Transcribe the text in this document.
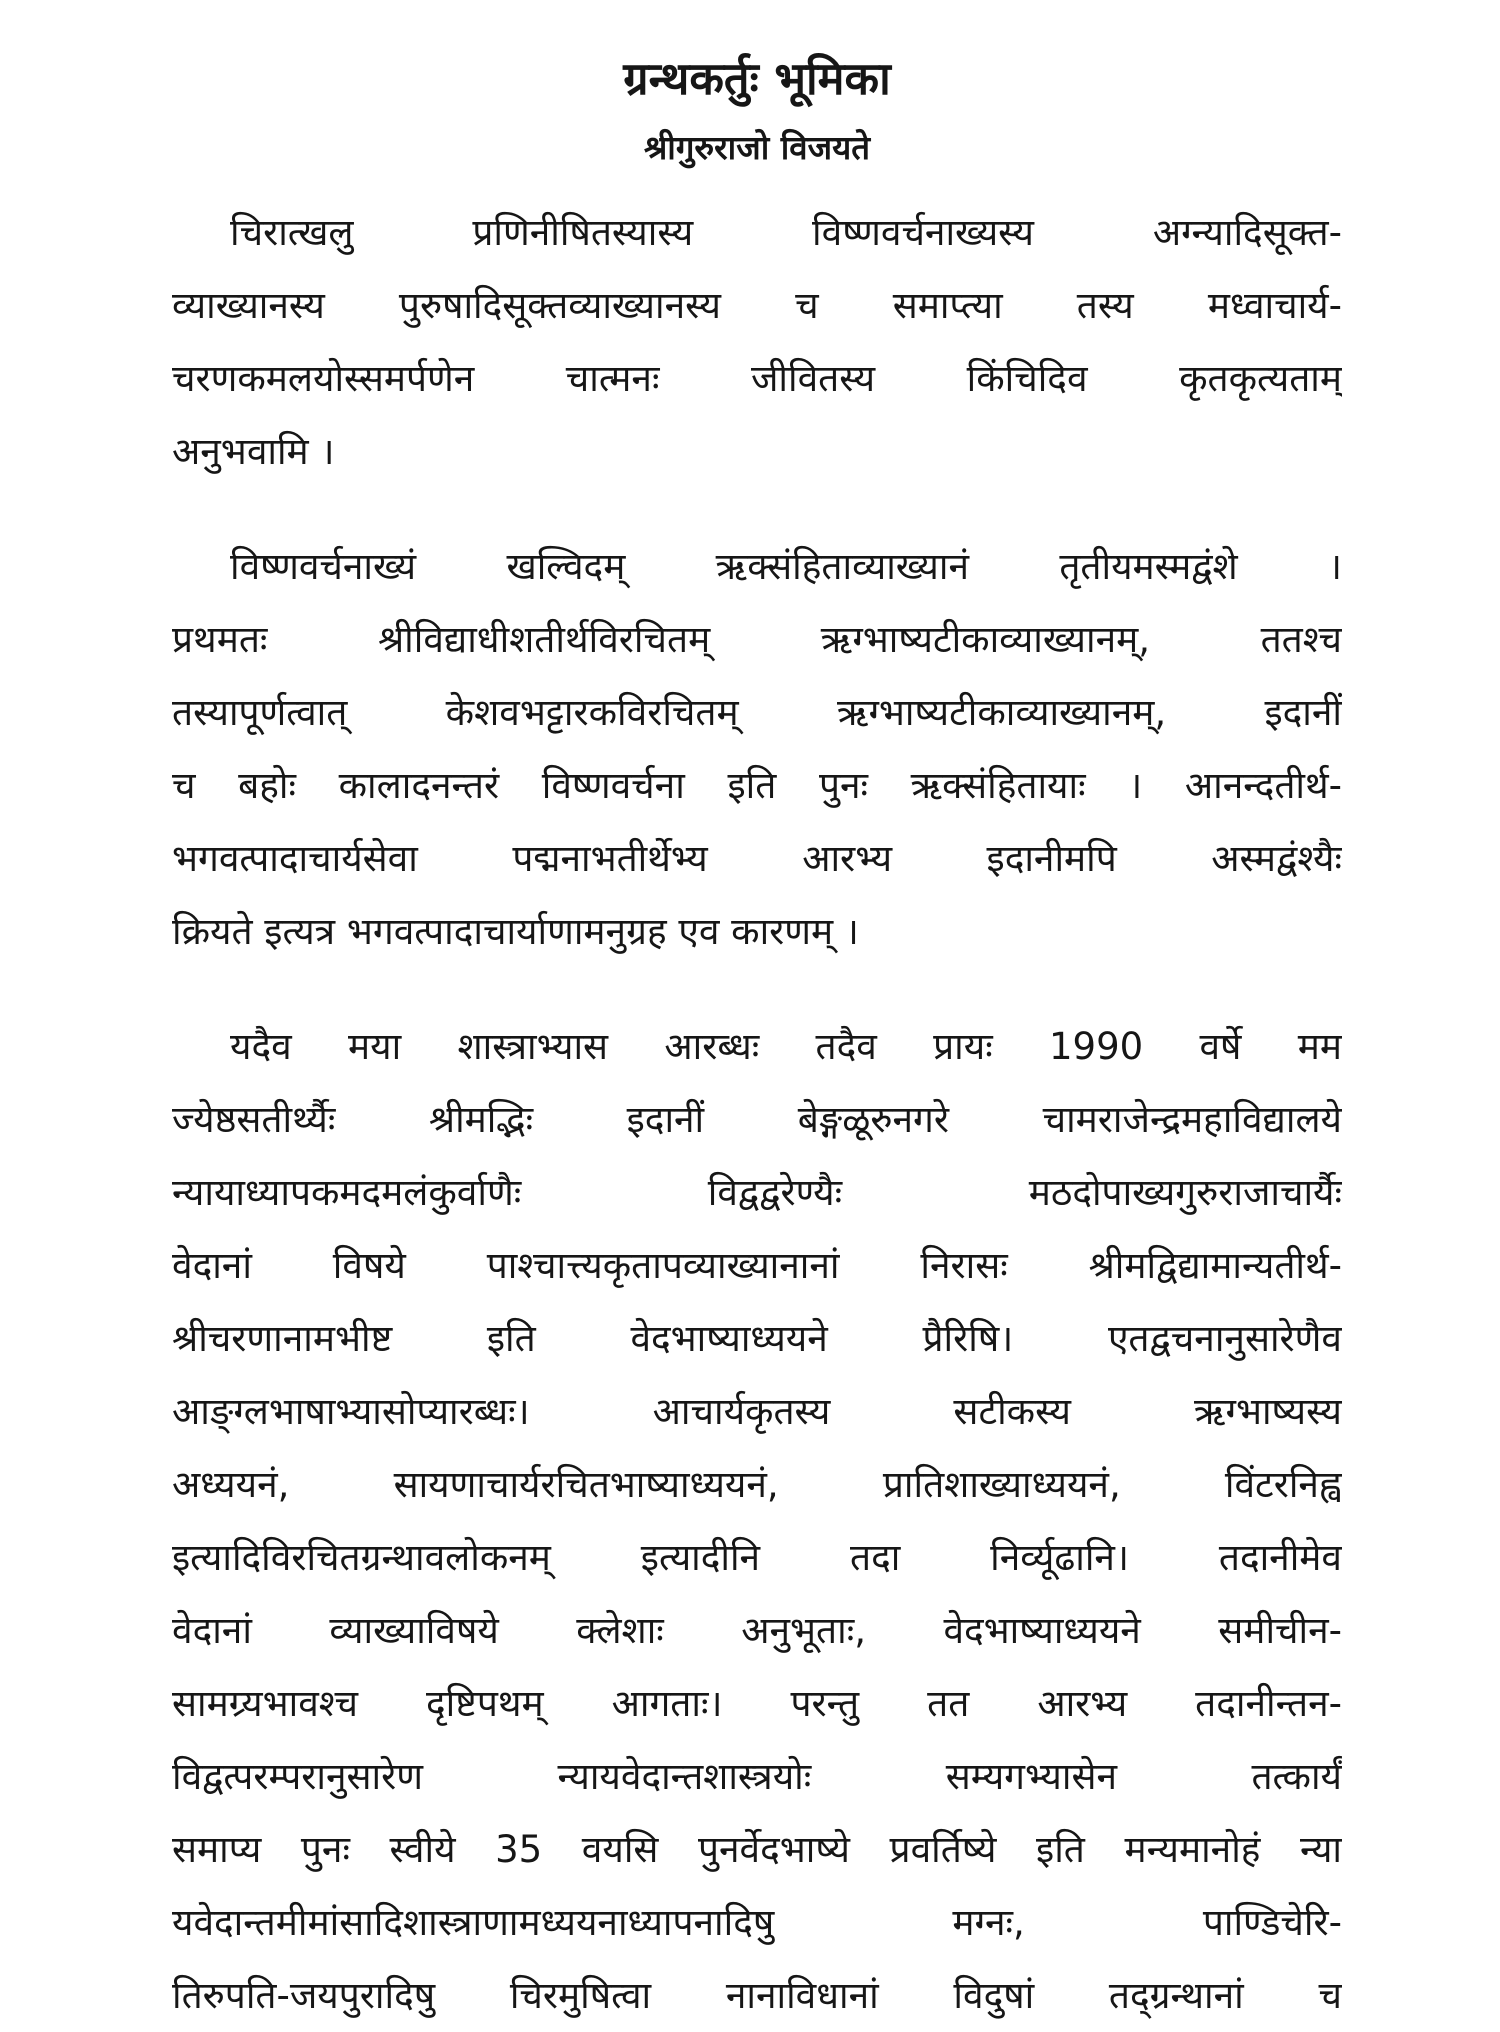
ग्रन्थकर्तुः भूमिका
श्रीगुरुराजो विजयते
चिरात्खलु प्रणिनीषितस्यास्य विष्णवर्चनाख्यस्य अग्न्यादिसूक्त-
व्याख्यानस्य पुरुषादिसूक्तव्याख्यानस्य च समाप्त्या तस्य मध्वाचार्य-
चरणकमलयोस्समर्पणेन चात्मनः जीवितस्य किंचिदिव कृतकृत्यताम्
अनुभवामि ।
विष्णवर्चनाख्यं खल्विदम् ऋक्संहिताव्याख्यानं तृतीयमस्मद्वंशे ।
प्रथमतः श्रीविद्याधीशतीर्थविरचितम् ऋग्भाष्यटीकाव्याख्यानम्, ततश्च
तस्यापूर्णत्वात् केशवभट्टारकविरचितम् ऋग्भाष्यटीकाव्याख्यानम्, इदानीं
च बहोः कालादनन्तरं विष्णवर्चना इति पुनः ऋक्संहितायाः । आनन्दतीर्थ-
भगवत्पादाचार्यसेवा पद्मनाभतीर्थेभ्य आरभ्य इदानीमपि अस्मद्वंश्यैः
क्रियते इत्यत्र भगवत्पादाचार्याणामनुग्रह एव कारणम् ।
यदैव मया शास्त्राभ्यास आरब्धः तदैव प्रायः 1990 वर्षे मम
ज्येष्ठसतीर्थ्यैः श्रीमद्भिः इदानीं बेङ्गळूरुनगरे चामराजेन्द्रमहाविद्यालये
न्यायाध्यापकमदमलंकुर्वाणैः विद्वद्वरेण्यैः मठदोपाख्यगुरुराजाचार्यैः
वेदानां विषये पाश्चात्त्यकृतापव्याख्यानानां निरासः श्रीमद्विद्यामान्यतीर्थ-
श्रीचरणानामभीष्ट इति वेदभाष्याध्ययने प्रैरिषि। एतद्वचनानुसारेणैव
आङ्ग्लभाषाभ्यासोप्यारब्धः। आचार्यकृतस्य सटीकस्य ऋग्भाष्यस्य
अध्ययनं, सायणाचार्यरचितभाष्याध्ययनं, प्रातिशाख्याध्ययनं, विंटरनिह्व
इत्यादिविरचितग्रन्थावलोकनम् इत्यादीनि तदा निर्व्यूढानि। तदानीमेव
वेदानां व्याख्याविषये क्लेशाः अनुभूताः, वेदभाष्याध्ययने समीचीन-
सामग्र्यभावश्च दृष्टिपथम् आगताः। परन्तु तत आरभ्य तदानीन्तन-
विद्वत्परम्परानुसारेण न्यायवेदान्तशास्त्रयोः सम्यगभ्यासेन तत्कार्यं
समाप्य पुनः स्वीये 35 वयसि पुनर्वेदभाष्ये प्रवर्तिष्ये इति मन्यमानोहं न्या
यवेदान्तमीमांसादिशास्त्राणामध्ययनाध्यापनादिषु मग्नः, पाण्डिचेरि-
तिरुपति-जयपुरादिषु चिरमुषित्वा नानाविधानां विदुषां तद्ग्रन्थानां च
